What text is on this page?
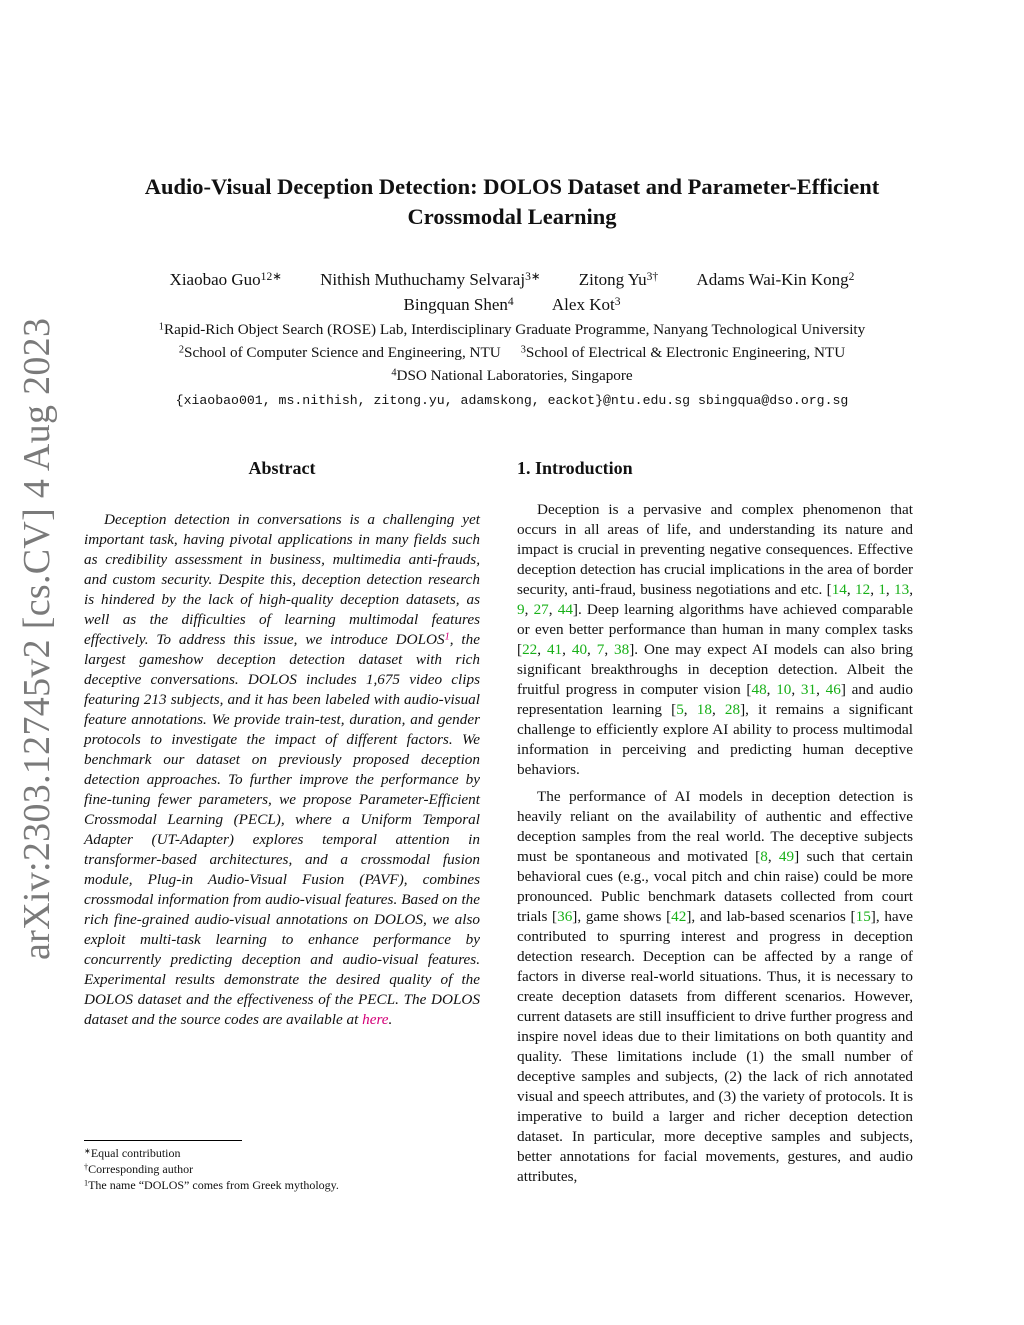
arXiv:2303.12745v2 [cs.CV] 4 Aug 2023
Audio-Visual Deception Detection: DOLOS Dataset and Parameter-Efficient
Crossmodal Learning
Xiaobao Guo$^{12∗}$ Nithish Muthuchamy Selvaraj$^{3∗}$ Zitong $Yu^{3\dagger}$ Adams Wai-Kin Kong$^2$
Bingquan Shen$^4$ Alex Kot$^3$
$^1$Rapid-Rich Object Search (ROSE) Lab, Interdisciplinary Graduate Programme, Nanyang Technological University
$^2$School of Computer Science and Engineering, NTU $^3$School of Electrical & Electronic Engineering, NTU
$^4$DSO National Laboratories, Singapore
{xiaobao001, ms.nithish, zitong.yu, adamskong, eackot}@ntu.edu.sg sbingqua@dso.org.sg
Abstract

Deception detection in conversations is a challenging yet important task, having pivotal applications in many fields such as credibility assessment in business, multimedia anti-frauds, and custom security. Despite this, deception detection research is hindered by the lack of high-quality deception datasets, as well as the difficulties of learning multimodal features effectively. To address this issue, we introduce DOLOS$^1$, the largest gameshow deception detection dataset with rich deceptive conversations. DOLOS includes 1,675 video clips featuring 213 subjects, and it has been labeled with audio-visual feature annotations. We provide train-test, duration, and gender protocols to investigate the impact of different factors. We benchmark our dataset on previously proposed deception detection approaches. To further improve the performance by fine-tuning fewer parameters, we propose Parameter-Efficient Crossmodal Learning (PECL), where a Uniform Temporal Adapter (UT-Adapter) explores temporal attention in transformer-based architectures, and a crossmodal fusion module, Plug-in Audio-Visual Fusion (PAVF), combines crossmodal information from audio-visual features. Based on the rich fine-grained audio-visual annotations on DOLOS, we also exploit multi-task learning to enhance performance by concurrently predicting deception and audio-visual features. Experimental results demonstrate the desired quality of the DOLOS dataset and the effectiveness of the PECL. The DOLOS dataset and the source codes are available at here.

1. Introduction

Deception is a pervasive and complex phenomenon that occurs in all areas of life, and understanding its nature and impact is crucial in preventing negative consequences. Effective deception detection has crucial implications in the area of border security, anti-fraud, business negotiations and etc. [14, 12, 1, 13, 9, 27, 44]. Deep learning algorithms have achieved comparable or even better performance than human in many complex tasks [22, 41, 40, 7, 38]. One may expect AI models can also bring significant breakthroughs in deception detection. Albeit the fruitful progress in computer vision [48, 10, 31, 46] and audio representation learning [5, 18, 28], it remains a significant challenge to efficiently explore AI ability to process multimodal information in perceiving and predicting human deceptive behaviors.

The performance of AI models in deception detection is heavily reliant on the availability of authentic and effective deception samples from the real world. The deceptive subjects must be spontaneous and motivated [8, 49] such that certain behavioral cues (e.g., vocal pitch and chin raise) could be more pronounced. Public benchmark datasets collected from court trials [36], game shows [42], and lab-based scenarios [15], have contributed to spurring interest and progress in deception detection research. Deception can be affected by a range of factors in diverse real-world situations. Thus, it is necessary to create deception datasets from different scenarios. However, current datasets are still insufficient to drive further progress and inspire novel ideas due to their limitations on both quantity and quality. These limitations include (1) the small number of deceptive samples and subjects, (2) the lack of rich annotated visual and speech attributes, and (3) the variety of protocols. It is imperative to build a larger and richer deception detection dataset. In particular, more deceptive samples and subjects, better annotations for facial movements, gestures, and audio attributes,

∗Equal contribution
†Corresponding author
$^1$The name “DOLOS” comes from Greek mythology.
